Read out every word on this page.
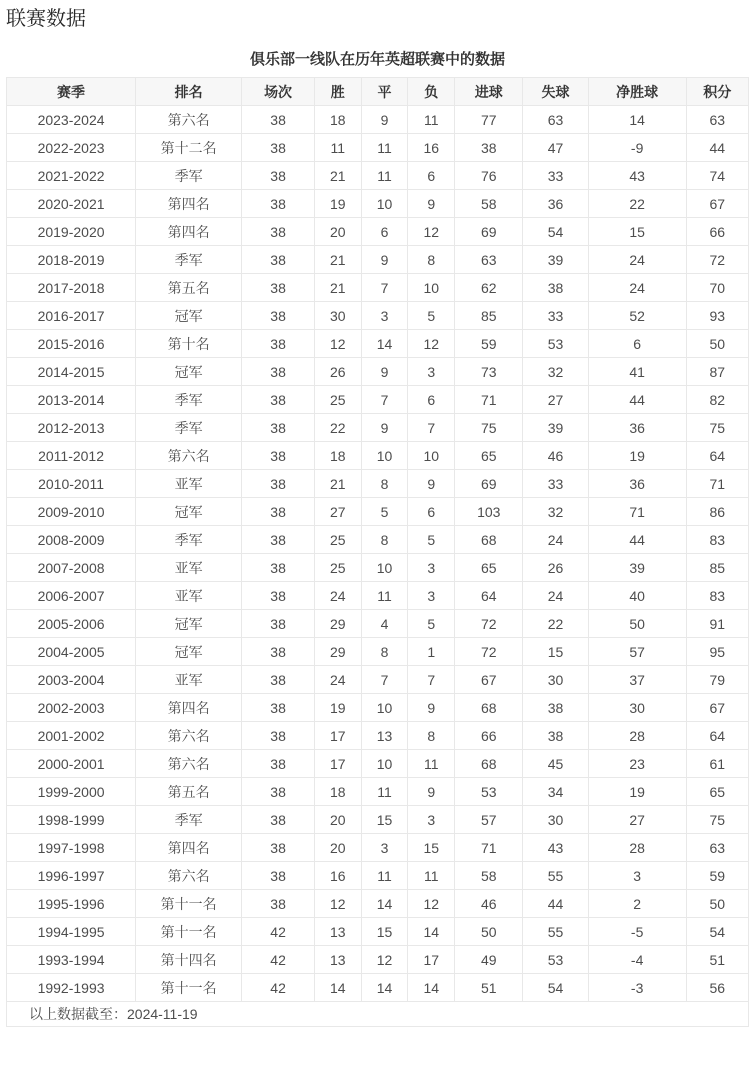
联赛数据
俱乐部一线队在历年英超联赛中的数据
赛季	排名	场次	胜	平	负	进球	失球	净胜球	积分
2023-2024	第六名	38	18	9	11	77	63	14	63
2022-2023	第十二名	38	11	11	16	38	47	-9	44
2021-2022	季军	38	21	11	6	76	33	43	74
2020-2021	第四名	38	19	10	9	58	36	22	67
2019-2020	第四名	38	20	6	12	69	54	15	66
2018-2019	季军	38	21	9	8	63	39	24	72
2017-2018	第五名	38	21	7	10	62	38	24	70
2016-2017	冠军	38	30	3	5	85	33	52	93
2015-2016	第十名	38	12	14	12	59	53	6	50
2014-2015	冠军	38	26	9	3	73	32	41	87
2013-2014	季军	38	25	7	6	71	27	44	82
2012-2013	季军	38	22	9	7	75	39	36	75
2011-2012	第六名	38	18	10	10	65	46	19	64
2010-2011	亚军	38	21	8	9	69	33	36	71
2009-2010	冠军	38	27	5	6	103	32	71	86
2008-2009	季军	38	25	8	5	68	24	44	83
2007-2008	亚军	38	25	10	3	65	26	39	85
2006-2007	亚军	38	24	11	3	64	24	40	83
2005-2006	冠军	38	29	4	5	72	22	50	91
2004-2005	冠军	38	29	8	1	72	15	57	95
2003-2004	亚军	38	24	7	7	67	30	37	79
2002-2003	第四名	38	19	10	9	68	38	30	67
2001-2002	第六名	38	17	13	8	66	38	28	64
2000-2001	第六名	38	17	10	11	68	45	23	61
1999-2000	第五名	38	18	11	9	53	34	19	65
1998-1999	季军	38	20	15	3	57	30	27	75
1997-1998	第四名	38	20	3	15	71	43	28	63
1996-1997	第六名	38	16	11	11	58	55	3	59
1995-1996	第十一名	38	12	14	12	46	44	2	50
1994-1995	第十一名	42	13	15	14	50	55	-5	54
1993-1994	第十四名	42	13	12	17	49	53	-4	51
1992-1993	第十一名	42	14	14	14	51	54	-3	56
以上数据截至：2024-11-19									
